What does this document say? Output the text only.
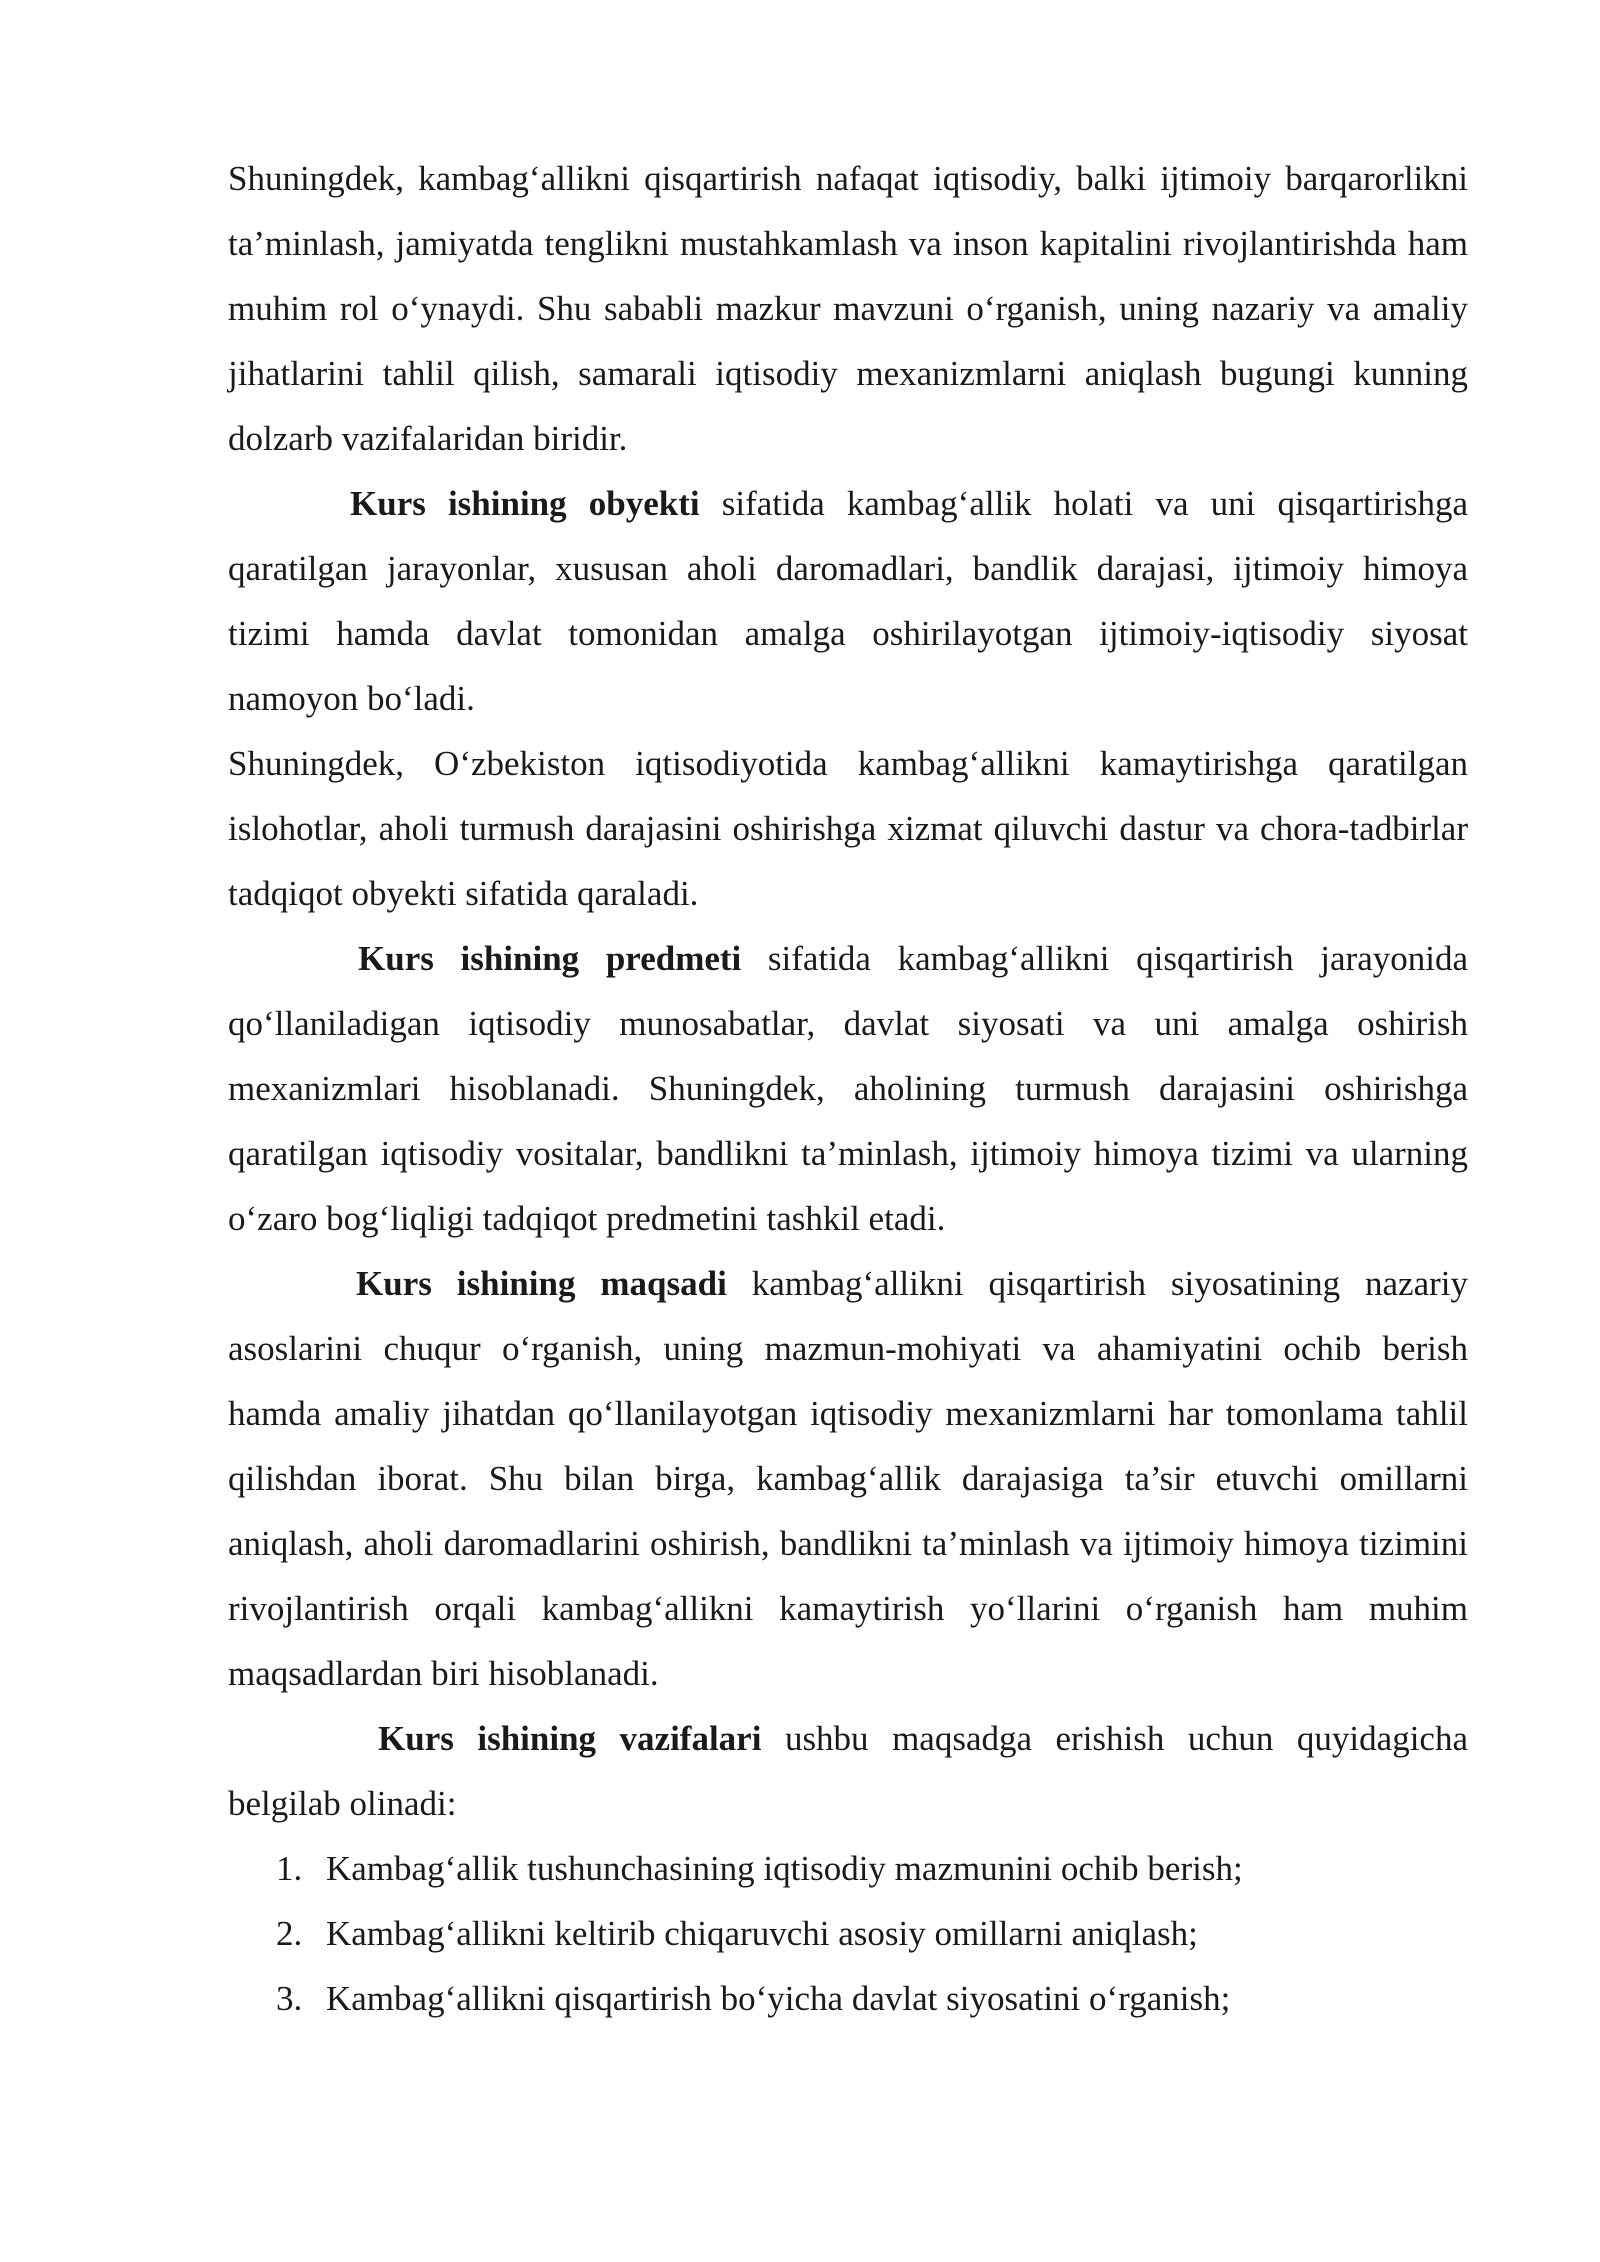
Shuningdek, kambag‘allikni qisqartirish nafaqat iqtisodiy, balki ijtimoiy barqarorlikni ta’minlash, jamiyatda tenglikni mustahkamlash va inson kapitalini rivojlantirishda ham muhim rol o‘ynaydi. Shu sababli mazkur mavzuni o‘rganish, uning nazariy va amaliy jihatlarini tahlil qilish, samarali iqtisodiy mexanizmlarni aniqlash bugungi kunning dolzarb vazifalaridan biridir.

Kurs ishining obyekti sifatida kambag‘allik holati va uni qisqartirishga qaratilgan jarayonlar, xususan aholi daromadlari, bandlik darajasi, ijtimoiy himoya tizimi hamda davlat tomonidan amalga oshirilayotgan ijtimoiy-iqtisodiy siyosat namoyon bo‘ladi.

Shuningdek, O‘zbekiston iqtisodiyotida kambag‘allikni kamaytirishga qaratilgan islohotlar, aholi turmush darajasini oshirishga xizmat qiluvchi dastur va chora-tadbirlar tadqiqot obyekti sifatida qaraladi.

Kurs ishining predmeti sifatida kambag‘allikni qisqartirish jarayonida qo‘llaniladigan iqtisodiy munosabatlar, davlat siyosati va uni amalga oshirish mexanizmlari hisoblanadi. Shuningdek, aholining turmush darajasini oshirishga qaratilgan iqtisodiy vositalar, bandlikni ta’minlash, ijtimoiy himoya tizimi va ularning o‘zaro bog‘liqligi tadqiqot predmetini tashkil etadi.

Kurs ishining maqsadi kambag‘allikni qisqartirish siyosatining nazariy asoslarini chuqur o‘rganish, uning mazmun-mohiyati va ahamiyatini ochib berish hamda amaliy jihatdan qo‘llanilayotgan iqtisodiy mexanizmlarni har tomonlama tahlil qilishdan iborat. Shu bilan birga, kambag‘allik darajasiga ta’sir etuvchi omillarni aniqlash, aholi daromadlarini oshirish, bandlikni ta’minlash va ijtimoiy himoya tizimini rivojlantirish orqali kambag‘allikni kamaytirish yo‘llarini o‘rganish ham muhim maqsadlardan biri hisoblanadi.

Kurs ishining vazifalari ushbu maqsadga erishish uchun quyidagicha belgilab olinadi:

1. Kambag‘allik tushunchasining iqtisodiy mazmunini ochib berish;
2. Kambag‘allikni keltirib chiqaruvchi asosiy omillarni aniqlash;
3. Kambag‘allikni qisqartirish bo‘yicha davlat siyosatini o‘rganish;
